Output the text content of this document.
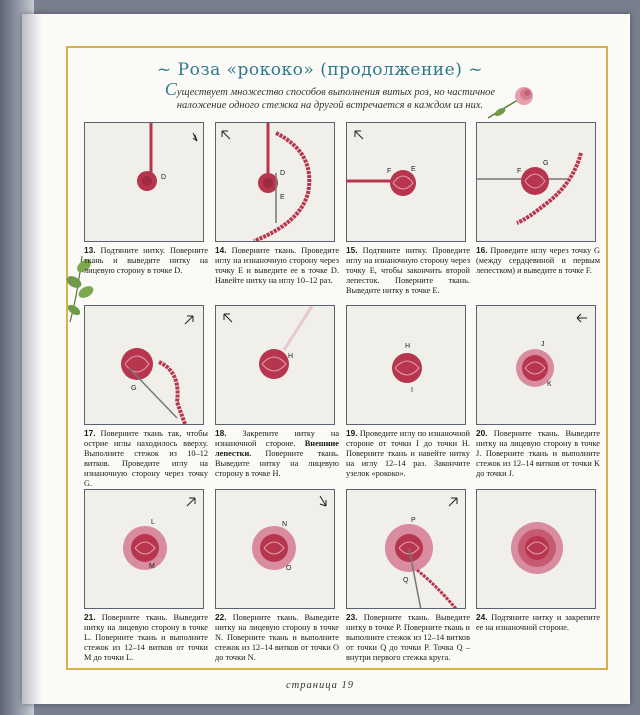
~ Роза «рококо» (продолжение) ~
Существует множество способов выполнения витых роз, но частичное наложение одного стежка на другой встречается в каждом из них.
D
13. Подтяните нитку. Поверните ткань и выведите нитку на лицевую сторону в точке D.
D
E
14. Поверните ткань. Проведите иглу на изнаночную сторону через точку E и выведите ее в точке D. Навейте нитку на иглу 10–12 раз.
F	E
15. Подтяните нитку. Проведите иглу на изнаночную сторону через точку E, чтобы закончить второй лепесток. Поверните ткань. Выведите нитку в точке E.
F
G
16. Проведите иглу через точку G (между сердцевиной и первым лепестком) и выведите в точке F.
G
17. Поверните ткань так, чтобы острие иглы находилось вверху. Выполните стежок из 10–12 витков. Проведите иглу на изнаночную сторону через точку G.
H
18. Закрепите нитку на изнаночной стороне. Внешние лепестки. Поверните ткань. Выведите нитку на лицевую сторону в точке H.
H
I
19. Проведите иглу по изнаночной стороне от точки I до точки H. Поверните ткань и навейте нитку на иглу 12–14 раз. Закончите узелок «рококо».
J
K
20. Поверните ткань. Выведите нитку на лицевую сторону в точке J. Поверните ткань и выполните стежок из 12–14 витков от точки K до точки J.
L
M
21. Поверните ткань. Выведите нитку на лицевую сторону в точке L. Поверните ткань и выполните стежок из 12–14 витков от точки M до точки L.
N
O
22. Поверните ткань. Выведите нитку на лицевую сторону в точке N. Поверните ткань и выполните стежок из 12–14 витков от точки O до точки N.
P
Q
23. Поверните ткань. Выведите нитку в точке P. Поверните ткань и выполните стежок из 12–14 витков от точки Q до точки P. Точка Q – внутри первого стежка круга.
24. Подтяните нитку и закрепите ее на изнаночной стороне.
страница 19
